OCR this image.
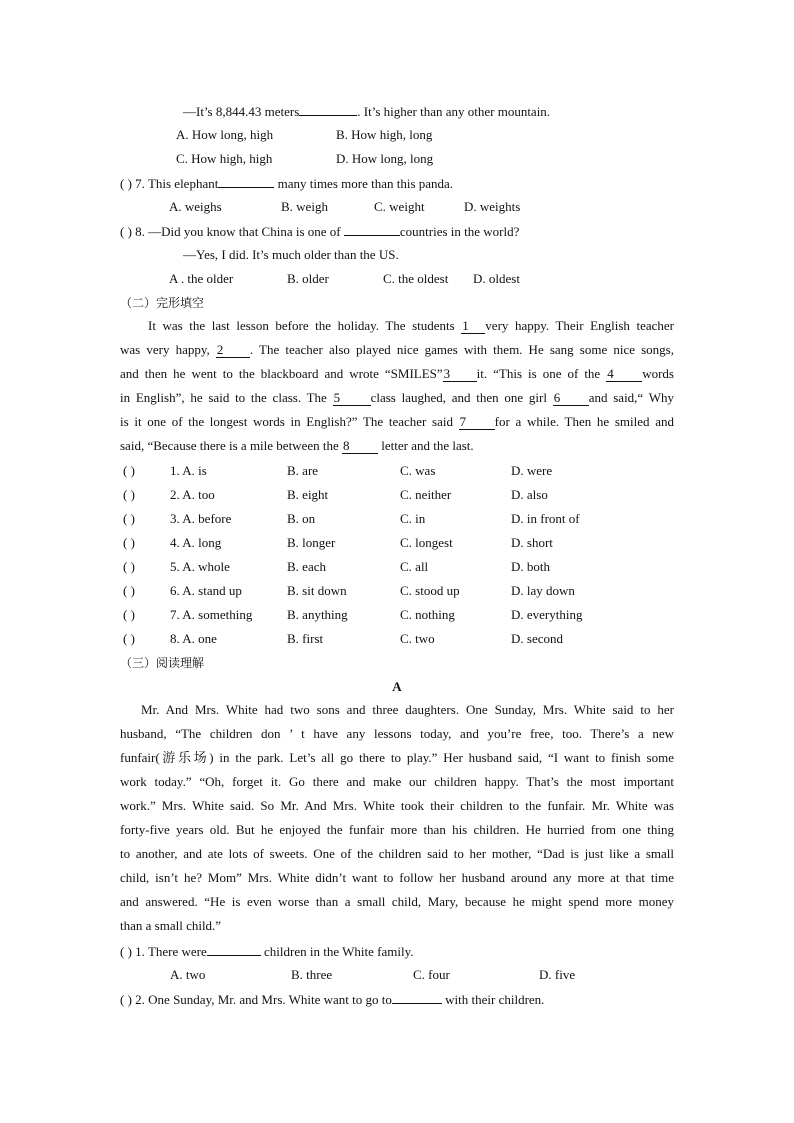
—It’s 8,844.43 meters	. It’s higher than any other mountain.
A. How long, high	B. How high, long
C. How high, high	D. How long, long
( ) 7. This elephant	many times more than this panda.
A. weighs	B. weigh	C. weight	D. weights
( ) 8. —Did you know that China is one of	countries in the world?
—Yes, I did. It’s much older than the US.
A . the older	B. older	C. the oldest D. oldest
（二）完形填空
It was the last lesson before the holiday. The students 1 very happy. Their English teacher
was very happy, 2 . The teacher also played nice games with them. He sang some nice songs,
and then he went to the blackboard and wrote “SMILES”3 it. “This is one of the 4 words
in English”, he said to the class. The 5 class laughed, and then one girl 6 and said,“ Why
is it one of the longest words in English?” The teacher said 7 for a while. Then he smiled and
said, “Because there is a mile between the 8 letter and the last.
( )	1. A. is	B. are	C. was	D. were
( )	2. A. too	B. eight	C. neither	D. also
( )	3. A. before	B. on	C. in	D. in front of
( )	4. A. long	B. longer	C. longest	D. short
( )	5. A. whole	B. each	C. all	D. both
( )	6. A. stand up	B. sit down	C. stood up	D. lay down
( )	7. A. something	B. anything	C. nothing	D. everything
( )	8. A. one	B. first	C. two	D. second
（三）阅读理解
A
Mr. And Mrs. White had two sons and three daughters. One Sunday, Mrs. White said to her
husband, “The children don ’ t have any lessons today, and you’re free, too. There’s a new
funfair(游乐场) in the park. Let’s all go there to play.” Her husband said, “I want to finish some
work today.” “Oh, forget it. Go there and make our children happy. That’s the most important
work.” Mrs. White said. So Mr. And Mrs. White took their children to the funfair. Mr. White was
forty-five years old. But he enjoyed the funfair more than his children. He hurried from one thing
to another, and ate lots of sweets. One of the children said to her mother, “Dad is just like a small
child, isn’t he? Mom” Mrs. White didn’t want to follow her husband around any more at that time
and answered. “He is even worse than a small child, Mary, because he might spend more money
than a small child.”
( ) 1. There were	children in the White family.
A. two	B. three	C. four	D. five
( ) 2. One Sunday, Mr. and Mrs. White want to go to	with their children.
